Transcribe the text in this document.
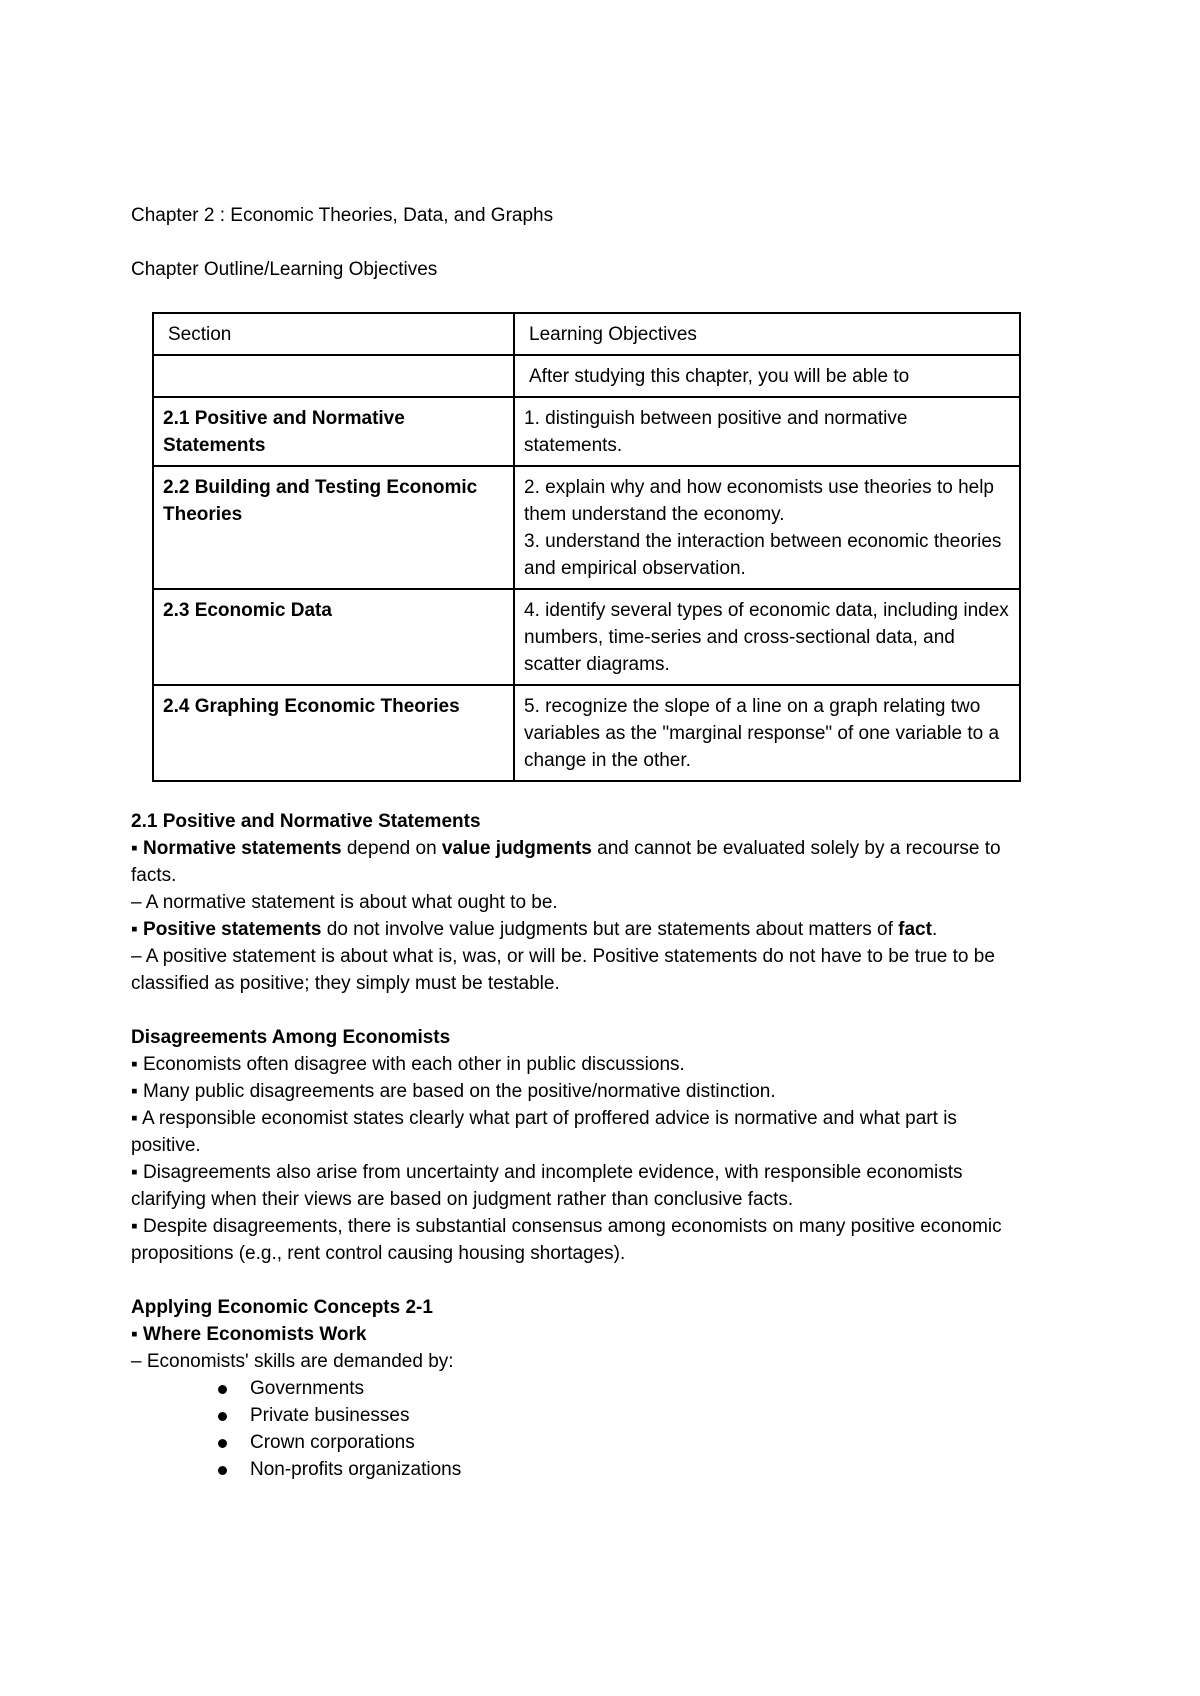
Chapter 2 : Economic Theories, Data, and Graphs
Chapter Outline/Learning Objectives
Section	Learning Objectives
	After studying this chapter, you will be able to
2.1 Positive and Normative Statements	1. distinguish between positive and normative statements.

2.2 Building and Testing Economic Theories	2. explain why and how economists use theories to help them understand the economy.
3. understand the interaction between economic theories and empirical observation.

2.3 Economic Data	4. identify several types of economic data, including index numbers, time-series and cross-sectional data, and scatter diagrams.

2.4 Graphing Economic Theories	5. recognize the slope of a line on a graph relating two variables as the "marginal response" of one variable to a change in the other.

2.1 Positive and Normative Statements

▪ Normative statements depend on value judgments and cannot be evaluated solely by a recourse to facts.

– A normative statement is about what ought to be.

▪ Positive statements do not involve value judgments but are statements about matters of fact.

– A positive statement is about what is, was, or will be. Positive statements do not have to be true to be classified as positive; they simply must be testable.

Disagreements Among Economists

▪ Economists often disagree with each other in public discussions.

▪ Many public disagreements are based on the positive/normative distinction.

▪ A responsible economist states clearly what part of proffered advice is normative and what part is positive.

▪ Disagreements also arise from uncertainty and incomplete evidence, with responsible economists clarifying when their views are based on judgment rather than conclusive facts.

▪ Despite disagreements, there is substantial consensus among economists on many positive economic propositions (e.g., rent control causing housing shortages).

Applying Economic Concepts 2-1

▪ Where Economists Work

– Economists' skills are demanded by:

Governments
Private businesses
Crown corporations
Non-profits organizations
